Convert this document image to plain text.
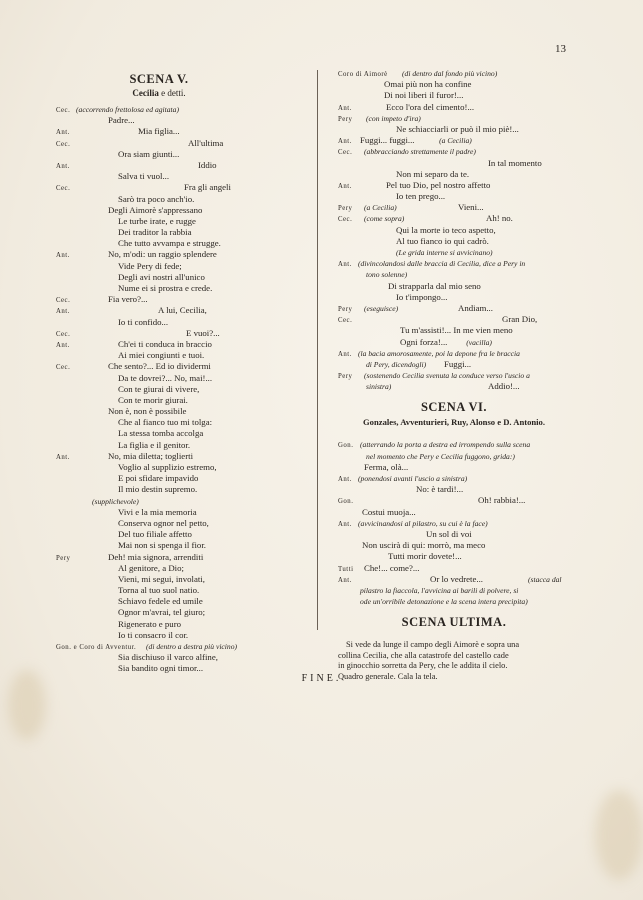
13
SCENA V.
Cecilia e detti.
Cec. (accorrendo frettolosa ed agitata)
Padre...
Ant.	Mia figlia...
Cec.	All'ultima
Ora siam giunti...
Ant.	Iddio
Salva ti vuol...
Cec.	Fra gli angeli
Sarò tra poco anch'io.
Degli Aimorè s'appressano
Le turbe irate, e rugge
Dei traditor la rabbia
Che tutto avvampa e strugge.
Ant.	No, m'odi: un raggio splendere
Vide Pery di fede;
Degli avi nostri all'unico
Nume ei si prostra e crede.
Cec.	Fia vero?...
Ant.	A lui, Cecilia,
Io ti confido...
Cec.	E vuoi?...
Ant.	Ch'ei ti conduca in braccio
Ai miei congiunti e tuoi.
Cec.	Che sento?... Ed io dividermi
Da te dovrei?... No, mai!...
Con te giurai di vivere,
Con te morir giurai.
Non è, non è possibile
Che al fianco tuo mi tolga:
La stessa tomba accolga
La figlia e il genitor.
Ant.	No, mia diletta; toglierti
Voglio al supplizio estremo,
E poi sfidare impavido
Il mio destin supremo.
(supplichevole)
Vivi e la mia memoria
Conserva ognor nel petto,
Del tuo filiale affetto
Mai non si spenga il fior.
Pery	Deh! mia signora, arrenditi
Al genitore, a Dio;
Vieni, mi segui, involati,
Torna al tuo suol natio.
Schiavo fedele ed umile
Ognor m'avrai, tel giuro;
Rigenerato e puro
Io ti consacro il cor.
Gon. e Coro di Avventur. (di dentro a destra più vicino)
Sia dischiuso il varco alfine,
Sia bandito ogni timor...
Coro di Aimorè (di dentro dal fondo più vicino)
Omai più non ha confine
Di noi liberi il furor!...
Ant.	Ecco l'ora del cimento!...
Pery (con impeto d'ira)
Ne schiacciarli or può il mio piè!...
Ant. Fuggi... fuggi...	(a Cecilia)
Cec. (abbracciando strettamente il padre)
In tal momento
Non mi separo da te.
Ant.	Pel tuo Dio, pel nostro affetto
Io ten prego...
Pery	Vieni...
(a Cecilia)
Cec.	Ah! no.
(come sopra)
Qui la morte io teco aspetto,
Al tuo fianco io qui cadrò.
(Le grida interne si avvicinano)
Ant. (divincolandosi dalle braccia di Cecilia, dice a Pery in
tono solenne)
Di strapparla dal mio seno
Io t'impongo...
Pery	Andiam...
(eseguisce)
Cec.	Gran Dio,
Tu m'assisti!... In me vien meno
Ogni forza!... (vacilla)
Ant. (la bacia amorosamente, poi la depone fra le braccia
di Pery, dicendogli) Fuggi...
Pery (sostenendo Cecilia svenuta la conduce verso l'uscio a
sinistra)	Addio!...
SCENA VI.
Gonzales, Avventurieri, Ruy, Alonso e D. Antonio.
Gon. (atterrando la porta a destra ed irrompendo sulla scena
nel momento che Pery e Cecilia fuggono, grida:)
Ferma, olà...
Ant. (ponendosi avanti l'uscio a sinistra)
No: è tardi!...
Gon.	Oh! rabbia!...
Costui muoja...
Ant. (avvicinandosi al pilastro, su cui è la face)
Un sol di voi
Non uscirà di qui: morrò, ma meco
Tutti morir dovete!...
Tutti Che!... come?...
Ant.	Or lo vedrete...	(stacca dal
pilastro la fiaccola, l'avvicina ai barili di polvere, si
ode un'orribile detonazione e la scena intera precipita)
SCENA ULTIMA.

Si vede da lunge il campo degli Aimorè e sopra una

collina Cecilia, che alla catastrofe del castello cade

in ginocchio sorretta da Pery, che le addita il cielo.

Quadro generale. Cala la tela.

FINE.
